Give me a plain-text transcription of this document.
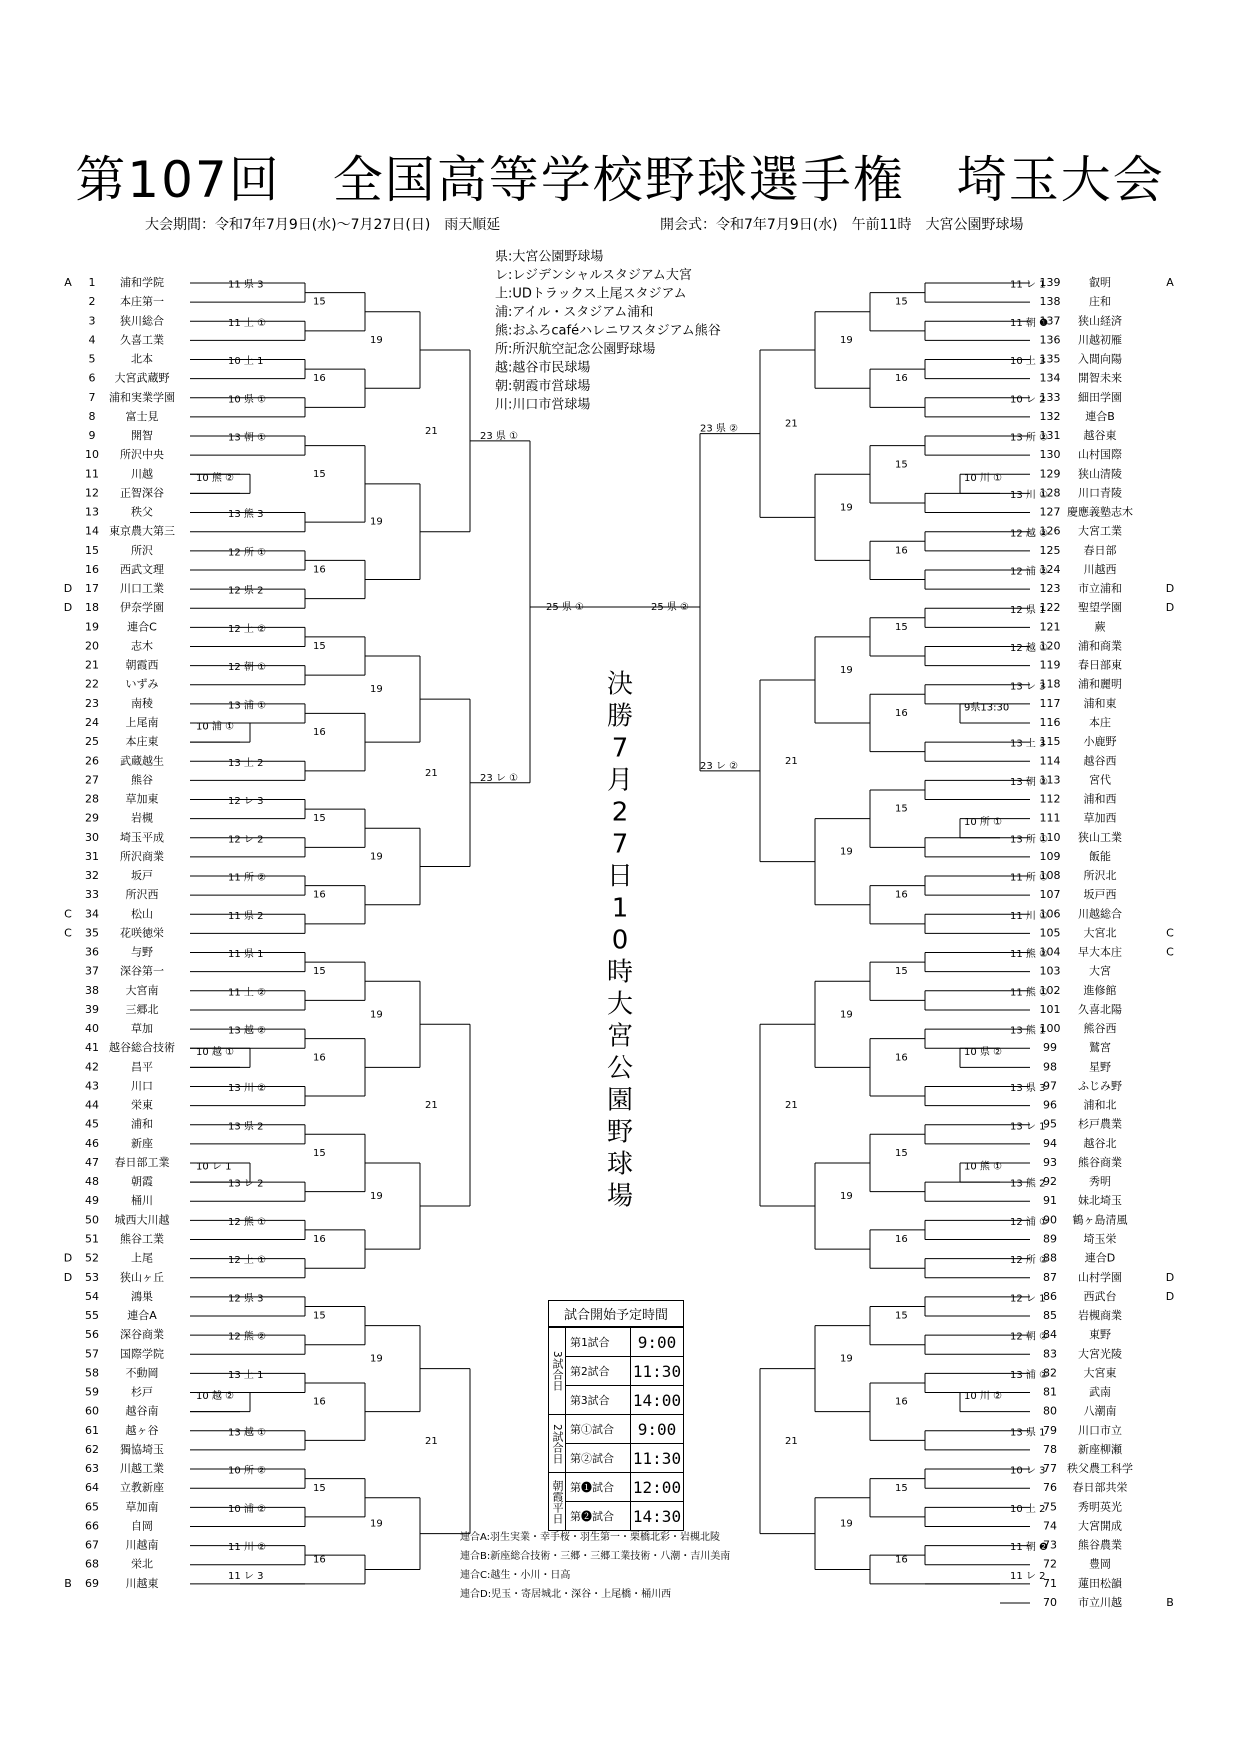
第107回　全国高等学校野球選手権　埼玉大会
大会期間：令和7年7月9日(水)～7月27日(日)　雨天順延	開会式：令和7年7月9日(水)　午前11時　大宮公園野球場
県:大宮公園野球場
レ:レジデンシャルスタジアム大宮
上:UDトラックス上尾スタジアム
浦:アイル・スタジアム浦和
熊:おふろcaféハレニワスタジアム熊谷
所:所沢航空記念公園野球場
越:越谷市民球場
朝:朝霞市営球場
川:川口市営球場
A 1 浦和学院
2 本庄第一
3 狭川総合
4 久喜工業
5	北本
6 大宮武蔵野
7 浦和実業学園
8	富士見
9	開智
10 所沢中央
11	川越
12 正智深谷
13	秩父
14 東京農大第三
15	所沢
16 西武文理
D 17 川口工業
D 18 伊奈学園
19	連合C
20	志木
21 朝霞西
22 いずみ
23	南稜
24 上尾南
25 本庄東
26 武蔵越生
27	熊谷
28 草加東
29	岩槻
30 埼玉平成
31 所沢商業
32	坂戸
33 所沢西
C 34	松山
C 35 花咲徳栄
36	与野
37 深谷第一
38 大宮南
39 三郷北
40	草加
41 越谷総合技術
42	昌平
43	川口
44	栄東
45	浦和
46	新座
47 春日部工業
48	朝霞
49	桶川
50 城西大川越
51 熊谷工業
D 52	上尾
D 53 狭山ヶ丘
54	鴻巣
55	連合A
56 深谷商業
57 国際学院
58 不動岡
59	杉戸
60 越谷南
61 越ヶ谷
62 獨協埼玉
63 川越工業
64 立教新座
65 草加南
66	自岡
67 川越南
68	栄北
B 69 川越東
A
139	叡明
138	庄和
137 狭山経済
136 川越初雁
135 入間向陽
134 開智未来
133 細田学園
132 連合B
131 越谷東
130 山村国際
129 狭山清陵
128 川口青陵
127 慶應義塾志木
126 大宮工業
125 春日部
124 川越西
D
123 市立浦和
D
122 聖望学園
121	蕨
120 浦和商業
119 春日部東
118 浦和麗明
117 浦和東
116	本庄
115 小鹿野
114 越谷西
113	宮代
112 浦和西
111 草加西
110 狭山工業
109	飯能
108 所沢北
107 坂戸西
106 川越総合
C
105 大宮北
C
104 早大本庄
103	大宮
102 進修館
101 久喜北陽
100 熊谷西
99	鷲宮
98	星野
97 ふじみ野
96 浦和北
95 杉戸農業
94 越谷北
93 熊谷商業
92	秀明
91 妹北埼玉
90 鶴ヶ島清風
89 埼玉栄
88	連合D
D
87 山村学園
D
86 西武台
85 岩槻商業
84	東野
83 大宮光陵
82 大宮東
81	武南
80 八潮南
79 川口市立
78 新座柳瀬
77 秩父農工科学
76 春日部共栄
75 秀明英光
74 大宮開成
73 熊谷農業
72	豊岡
71 蓮田松韻
B
70 市立川越
10 熊 ②
10 浦 ①
10 越 ①
10 レ 1
10 越 ②
11 県 3
11 上 ①
10 上 1
10 県 ①
13 朝 ①
13 熊 3
12 所 ①
12 県 2
12 上 ②
12 朝 ①
13 浦 ①
13 上 2
12 レ 3
12 レ 2
11 所 ②
11 県 2
11 県 1
11 上 ②
13 越 ②
13 川 ②
13 県 2
13 レ 2
12 熊 ①
12 上 ①
12 県 3
12 熊 ②
13 上 1
13 越 ①
10 所 ②
10 浦 ②
11 川 ②
11 レ 3
15
16
15
16
15
16
15
16
15
16
15
16
15
16
15
16
19
19
19
19
19
19
19
19
21
21
21
21
23 県 ①
23 レ ①
10 川 ①
9県13:30
10 所 ①
10 県 ②
10 熊 ①
10 川 ②
11 レ 1
11 朝 ❶
10 上 3
10 レ 2
13 所 ②
13 川 ①
12 越 ②
12 浦 ②
12 県 1
12 越 ①
13 レ 3
13 上 3
13 朝 ②
13 所 ①
11 所 ①
11 川 ①
11 熊 ②
11 熊 ①
13 熊 1
13 県 3
13 レ 1
13 熊 2
12 浦 ①
12 所 ②
12 レ 1
12 朝 ②
13 浦 ②
13 県 1
10 レ 3
10 上 2
11 朝 ❷
11 レ 2
15
16
15
16
15
16
15
16
15
16
15
16
15
16
15
16
19
19
19
19
19
19
19
19
21
21
21
21
23 県 ②
23 レ ②
25 県 ①	25 県 ②
決
勝
7
月
2
7
日
1
0
時
大
宮
公
園
野
球
場
試合開始予定時間
3試合日
第1試合	9:00
第2試合	11:30
第3試合	14:00
2試合日 第①試合	9:00
第②試合	11:30
朝霞平日 第❶試合	12:00
第❷試合	14:30
連合A:羽生実業・幸手桜・羽生第一・栗橋北彩・岩槻北陵
連合B:新座総合技術・三郷・三郷工業技術・八潮・吉川美南
連合C:越生・小川・日高
連合D:児玉・寄居城北・深谷・上尾橋・桶川西
